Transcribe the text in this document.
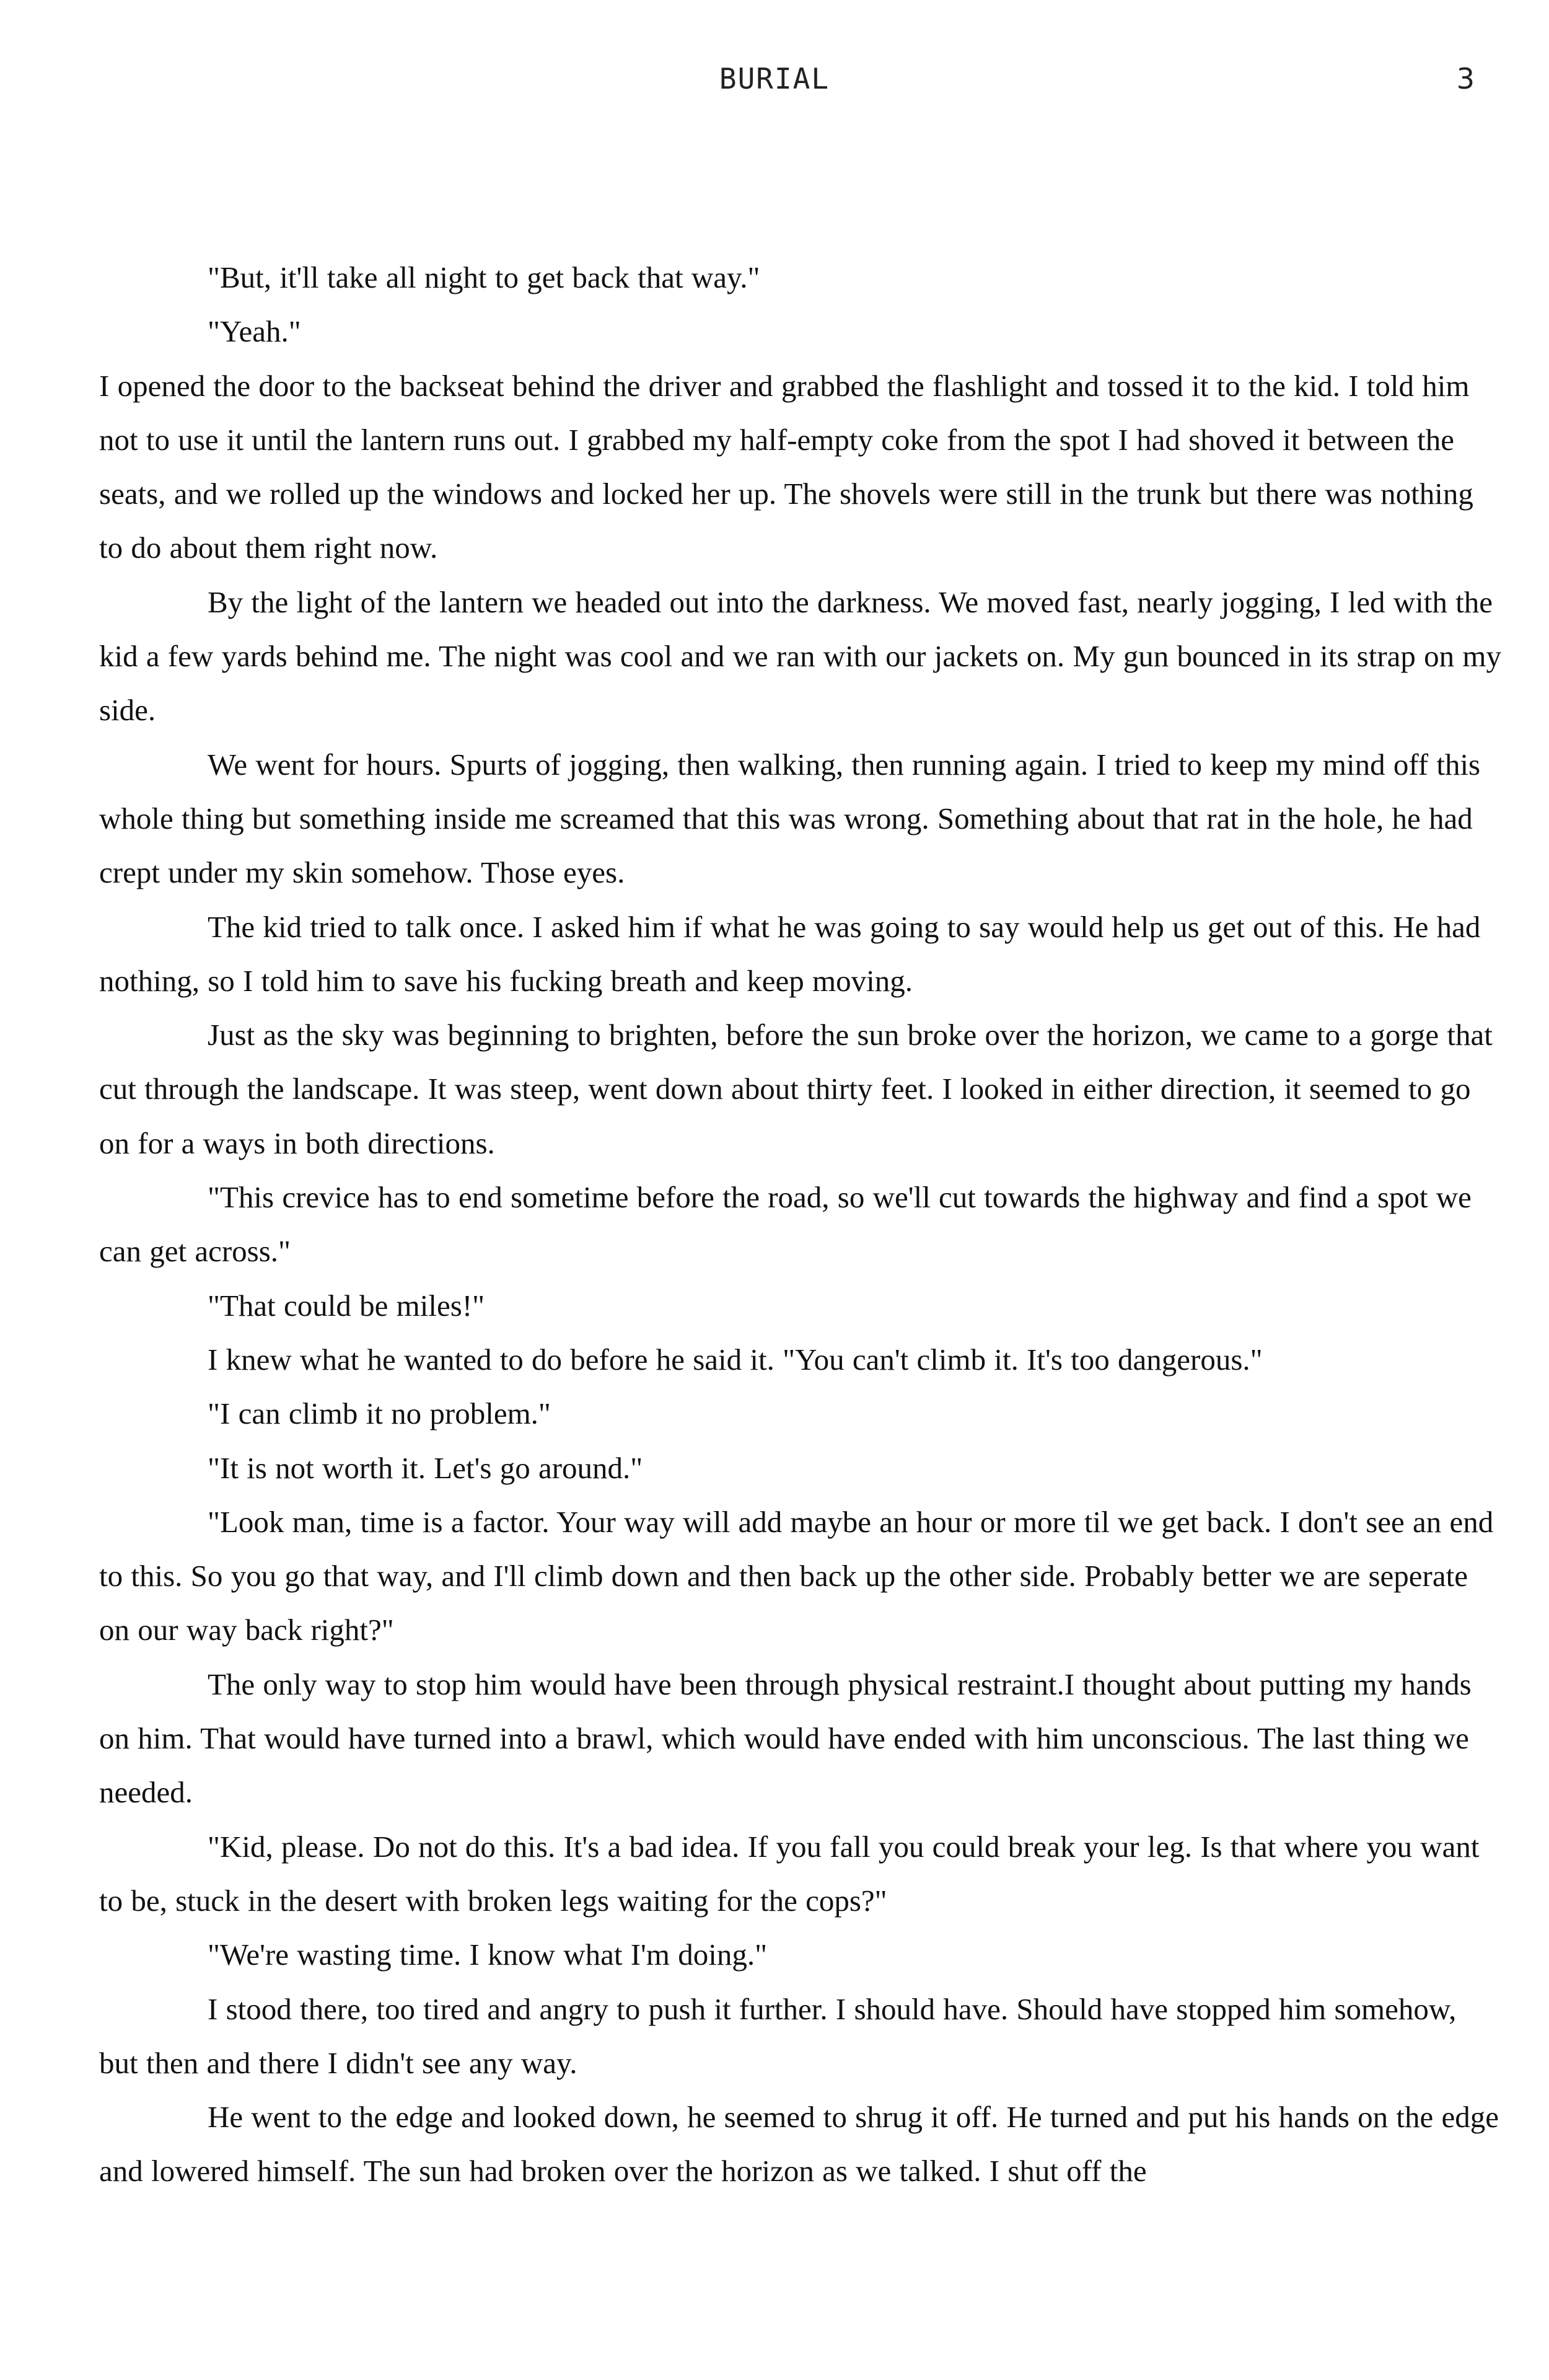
BURIAL	3

"But, it'll take all night to get back that way."

"Yeah."

I opened the door to the backseat behind the driver and grabbed the flashlight and tossed it to the kid. I told him not to use it until the lantern runs out. I grabbed my half-empty coke from the spot I had shoved it between the seats, and we rolled up the windows and locked her up. The shovels were still in the trunk but there was nothing to do about them right now.

By the light of the lantern we headed out into the darkness. We moved fast, nearly jogging, I led with the kid a few yards behind me. The night was cool and we ran with our jackets on. My gun bounced in its strap on my side.

We went for hours. Spurts of jogging, then walking, then running again. I tried to keep my mind off this whole thing but something inside me screamed that this was wrong. Something about that rat in the hole, he had crept under my skin somehow. Those eyes.

The kid tried to talk once. I asked him if what he was going to say would help us get out of this. He had nothing, so I told him to save his fucking breath and keep moving.

Just as the sky was beginning to brighten, before the sun broke over the horizon, we came to a gorge that cut through the landscape. It was steep, went down about thirty feet. I looked in either direction, it seemed to go on for a ways in both directions.

"This crevice has to end sometime before the road, so we'll cut towards the highway and find a spot we can get across."

"That could be miles!"

I knew what he wanted to do before he said it. "You can't climb it. It's too dangerous."

"I can climb it no problem."

"It is not worth it. Let's go around."

"Look man, time is a factor. Your way will add maybe an hour or more til we get back. I don't see an end to this. So you go that way, and I'll climb down and then back up the other side. Probably better we are seperate on our way back right?"

The only way to stop him would have been through physical restraint.I thought about putting my hands on him. That would have turned into a brawl, which would have ended with him unconscious. The last thing we needed.

"Kid, please. Do not do this. It's a bad idea. If you fall you could break your leg. Is that where you want to be, stuck in the desert with broken legs waiting for the cops?"

"We're wasting time. I know what I'm doing."

I stood there, too tired and angry to push it further. I should have. Should have stopped him somehow, but then and there I didn't see any way.

He went to the edge and looked down, he seemed to shrug it off. He turned and put his hands on the edge and lowered himself. The sun had broken over the horizon as we talked. I shut off the
